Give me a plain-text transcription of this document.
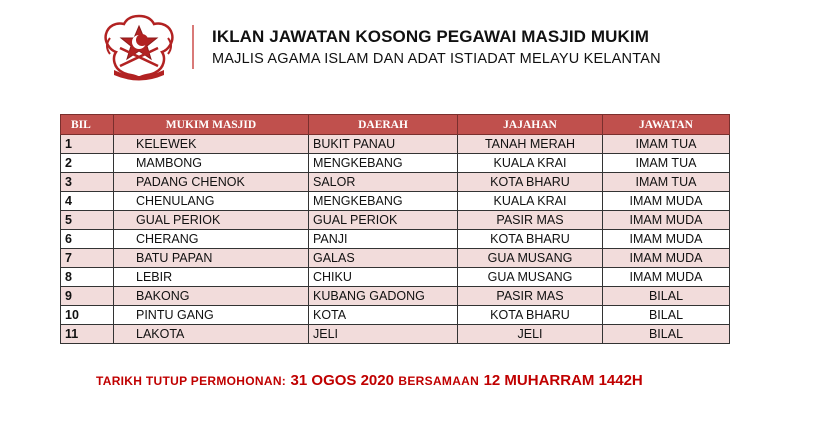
IKLAN JAWATAN KOSONG PEGAWAI MASJID MUKIM
MAJLIS AGAMA ISLAM DAN ADAT ISTIADAT MELAYU KELANTAN
BIL	MUKIM MASJID	DAERAH	JAJAHAN	JAWATAN
1	KELEWEK	BUKIT PANAU	TANAH MERAH	IMAM TUA
2	MAMBONG	MENGKEBANG	KUALA KRAI	IMAM TUA
3	PADANG CHENOK	SALOR	KOTA BHARU	IMAM TUA
4	CHENULANG	MENGKEBANG	KUALA KRAI	IMAM MUDA
5	GUAL PERIOK	GUAL PERIOK	PASIR MAS	IMAM MUDA
6	CHERANG	PANJI	KOTA BHARU	IMAM MUDA
7	BATU PAPAN	GALAS	GUA MUSANG	IMAM MUDA
8	LEBIR	CHIKU	GUA MUSANG	IMAM MUDA
9	BAKONG	KUBANG GADONG	PASIR MAS	BILAL
10	PINTU GANG	KOTA	KOTA BHARU	BILAL
11	LAKOTA	JELI	JELI	BILAL
TARIKH TUTUP PERMOHONAN: 31 OGOS 2020 BERSAMAAN 12 MUHARRAM 1442H
